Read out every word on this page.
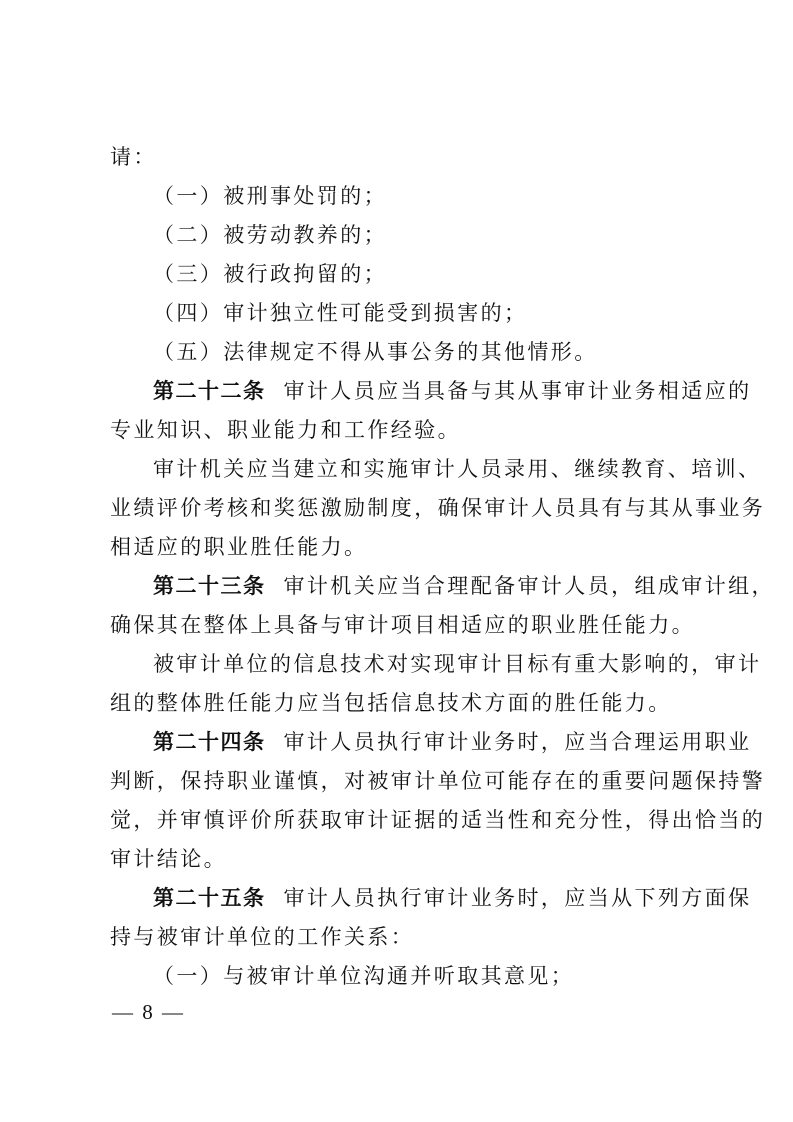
请：
（一）被刑事处罚的；
（二）被劳动教养的；
（三）被行政拘留的；
（四）审计独立性可能受到损害的；
（五）法律规定不得从事公务的其他情形。
第二十二条 审计人员应当具备与其从事审计业务相适应的
专业知识、职业能力和工作经验。
审计机关应当建立和实施审计人员录用、继续教育、培训、
业绩评价考核和奖惩激励制度，确保审计人员具有与其从事业务
相适应的职业胜任能力。
第二十三条 审计机关应当合理配备审计人员，组成审计组，
确保其在整体上具备与审计项目相适应的职业胜任能力。
被审计单位的信息技术对实现审计目标有重大影响的，审计
组的整体胜任能力应当包括信息技术方面的胜任能力。
第二十四条 审计人员执行审计业务时，应当合理运用职业
判断，保持职业谨慎，对被审计单位可能存在的重要问题保持警
觉，并审慎评价所获取审计证据的适当性和充分性，得出恰当的
审计结论。
第二十五条 审计人员执行审计业务时，应当从下列方面保
持与被审计单位的工作关系：
（一）与被审计单位沟通并听取其意见；
— 8 —
